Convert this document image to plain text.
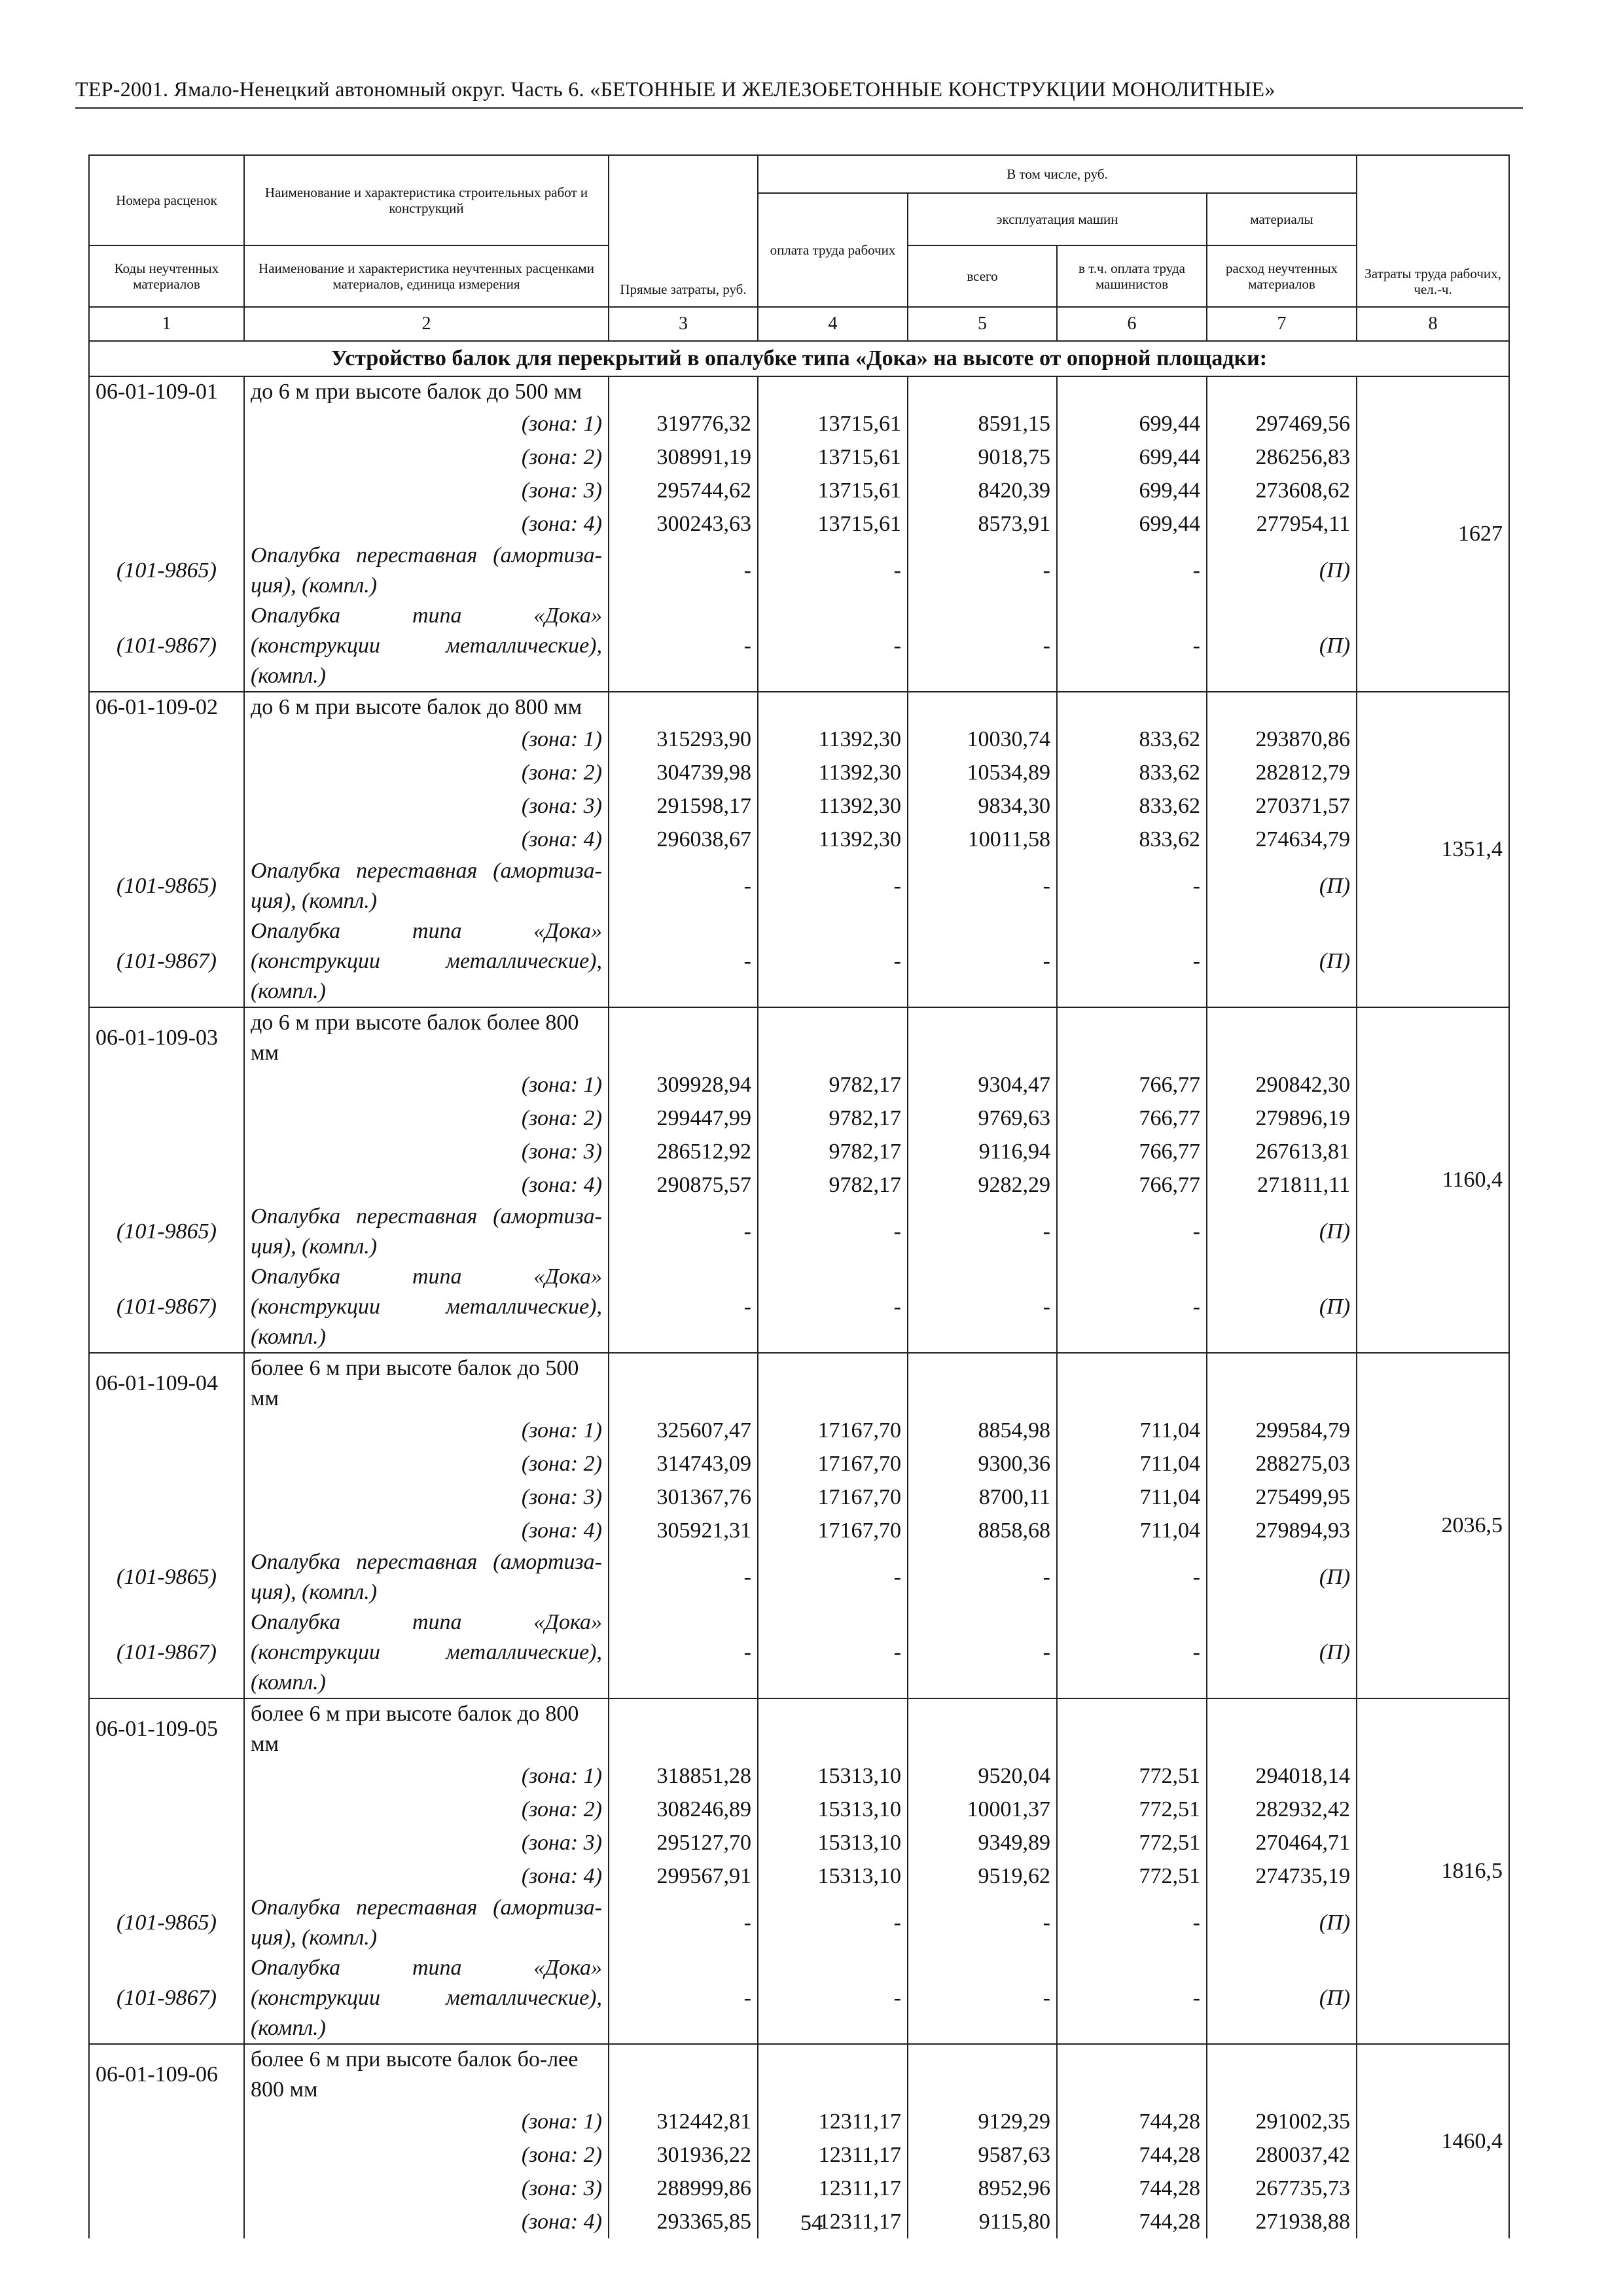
ТЕР-2001. Ямало-Ненецкий автономный округ. Часть 6. «БЕТОННЫЕ И ЖЕЛЕЗОБЕТОННЫЕ КОНСТРУКЦИИ МОНОЛИТНЫЕ»
Номера расценок	Наименование и характеристика строительных работ и конструкций	Прямые затраты, руб.	В том числе, руб.				Затраты труда рабочих, чел.-ч.	
			оплата труда рабочих	эксплуатация машин		материалы		
Коды неучтенных материалов	Наименование и характеристика неучтенных расценками материалов, единица измерения			всего	в т.ч. оплата труда машинистов	расход неучтенных материалов		
1	2	3	4	5	6	7	8	
Устройство балок для перекрытий в опалубке типа «Дока» на высоте от опорной площадки:								
06-01-109-01	до 6 м при высоте балок до 500 мм						1627	
	(зона: 1)	319776,32	13715,61	8591,15	699,44	297469,56		
	(зона: 2)	308991,19	13715,61	9018,75	699,44	286256,83		
	(зона: 3)	295744,62	13715,61	8420,39	699,44	273608,62		
	(зона: 4)	300243,63	13715,61	8573,91	699,44	277954,11		
(101-9865)	Опалубка переставная (амортиза-ция), (компл.)	-	-	-	-	(П)	
(101-9867)	Опалубка типа «Дока» (конструкции металлические), (компл.)	-	-	-	-	(П)	
06-01-109-02	до 6 м при высоте балок до 800 мм						1351,4	
	(зона: 1)	315293,90	11392,30	10030,74	833,62	293870,86		
	(зона: 2)	304739,98	11392,30	10534,89	833,62	282812,79		
	(зона: 3)	291598,17	11392,30	9834,30	833,62	270371,57		
	(зона: 4)	296038,67	11392,30	10011,58	833,62	274634,79		
(101-9865)	Опалубка переставная (амортиза-ция), (компл.)	-	-	-	-	(П)	
(101-9867)	Опалубка типа «Дока» (конструкции металлические), (компл.)	-	-	-	-	(П)	
06-01-109-03	до 6 м при высоте балок более 800 мм						1160,4	
	(зона: 1)	309928,94	9782,17	9304,47	766,77	290842,30		
	(зона: 2)	299447,99	9782,17	9769,63	766,77	279896,19		
	(зона: 3)	286512,92	9782,17	9116,94	766,77	267613,81		
	(зона: 4)	290875,57	9782,17	9282,29	766,77	271811,11		
(101-9865)	Опалубка переставная (амортиза-ция), (компл.)	-	-	-	-	(П)	
(101-9867)	Опалубка типа «Дока» (конструкции металлические), (компл.)	-	-	-	-	(П)	
06-01-109-04	более 6 м при высоте балок до 500 мм						2036,5	
	(зона: 1)	325607,47	17167,70	8854,98	711,04	299584,79		
	(зона: 2)	314743,09	17167,70	9300,36	711,04	288275,03		
	(зона: 3)	301367,76	17167,70	8700,11	711,04	275499,95		
	(зона: 4)	305921,31	17167,70	8858,68	711,04	279894,93		
(101-9865)	Опалубка переставная (амортиза-ция), (компл.)	-	-	-	-	(П)	
(101-9867)	Опалубка типа «Дока» (конструкции металлические), (компл.)	-	-	-	-	(П)	
06-01-109-05	более 6 м при высоте балок до 800 мм						1816,5	
	(зона: 1)	318851,28	15313,10	9520,04	772,51	294018,14		
	(зона: 2)	308246,89	15313,10	10001,37	772,51	282932,42		
	(зона: 3)	295127,70	15313,10	9349,89	772,51	270464,71		
	(зона: 4)	299567,91	15313,10	9519,62	772,51	274735,19		
(101-9865)	Опалубка переставная (амортиза-ция), (компл.)	-	-	-	-	(П)	
(101-9867)	Опалубка типа «Дока» (конструкции металлические), (компл.)	-	-	-	-	(П)	
06-01-109-06	более 6 м при высоте балок бо-лее 800 мм						1460,4	
	(зона: 1)	312442,81	12311,17	9129,29	744,28	291002,35		
	(зона: 2)	301936,22	12311,17	9587,63	744,28	280037,42		
	(зона: 3)	288999,86	12311,17	8952,96	744,28	267735,73		
	(зона: 4)	293365,85	12311,17	9115,80	744,28	271938,88		
54
